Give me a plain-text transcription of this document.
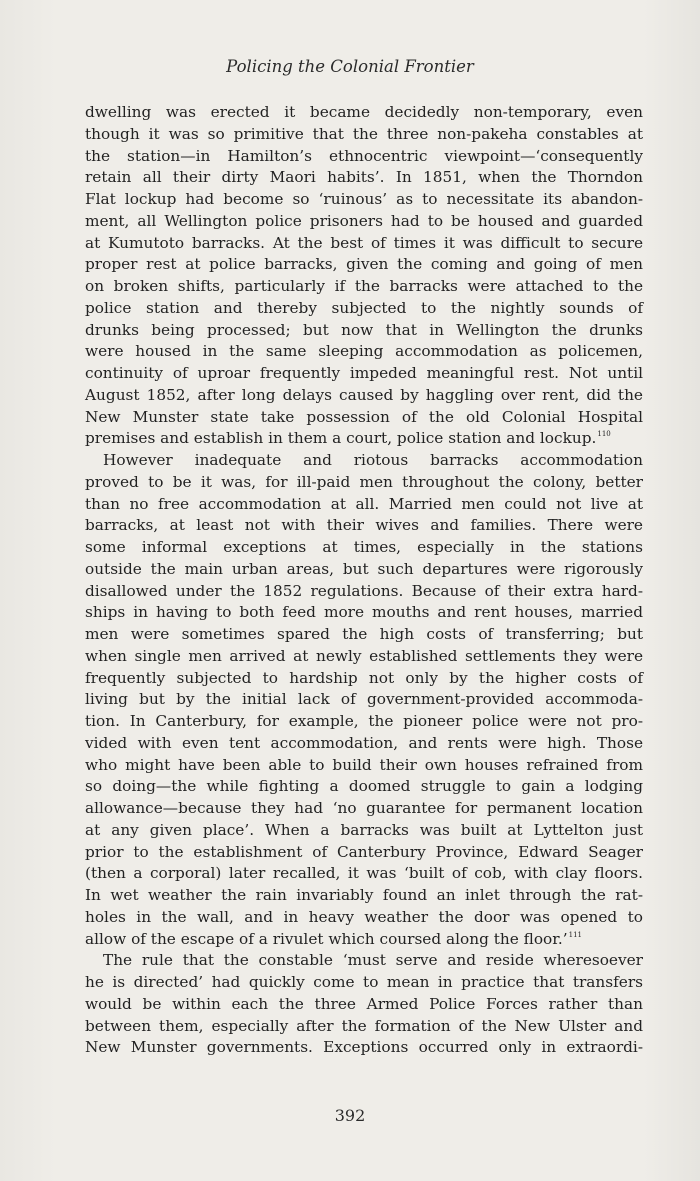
Policing the Colonial Frontier
dwelling was erected it became decidedly non-temporary, even
though it was so primitive that the three non-pakeha constables at
the station—in Hamilton’s ethnocentric viewpoint—‘consequently
retain all their dirty Maori habits’. In 1851, when the Thorndon
Flat lockup had become so ‘ruinous’ as to necessitate its abandon-
ment, all Wellington police prisoners had to be housed and guarded
at Kumutoto barracks. At the best of times it was difficult to secure
proper rest at police barracks, given the coming and going of men
on broken shifts, particularly if the barracks were attached to the
police station and thereby subjected to the nightly sounds of
drunks being processed; but now that in Wellington the drunks
were housed in the same sleeping accommodation as policemen,
continuity of uproar frequently impeded meaningful rest. Not until
August 1852, after long delays caused by haggling over rent, did the
New Munster state take possession of the old Colonial Hospital
premises and establish in them a court, police station and lockup.$^{110}$
However inadequate and riotous barracks accommodation
proved to be it was, for ill-paid men throughout the colony, better
than no free accommodation at all. Married men could not live at
barracks, at least not with their wives and families. There were
some informal exceptions at times, especially in the stations
outside the main urban areas, but such departures were rigorously
disallowed under the 1852 regulations. Because of their extra hard-
ships in having to both feed more mouths and rent houses, married
men were sometimes spared the high costs of transferring; but
when single men arrived at newly established settlements they were
frequently subjected to hardship not only by the higher costs of
living but by the initial lack of government-provided accommoda-
tion. In Canterbury, for example, the pioneer police were not pro-
vided with even tent accommodation, and rents were high. Those
who might have been able to build their own houses refrained from
so doing—the while fighting a doomed struggle to gain a lodging
allowance—because they had ‘no guarantee for permanent location
at any given place’. When a barracks was built at Lyttelton just
prior to the establishment of Canterbury Province, Edward Seager
(then a corporal) later recalled, it was ‘built of cob, with clay floors.
In wet weather the rain invariably found an inlet through the rat-
holes in the wall, and in heavy weather the door was opened to
allow of the escape of a rivulet which coursed along the floor.’$^{111}$
The rule that the constable ‘must serve and reside wheresoever
he is directed’ had quickly come to mean in practice that transfers
would be within each the three Armed Police Forces rather than
between them, especially after the formation of the New Ulster and
New Munster governments. Exceptions occurred only in extraordi-
392
